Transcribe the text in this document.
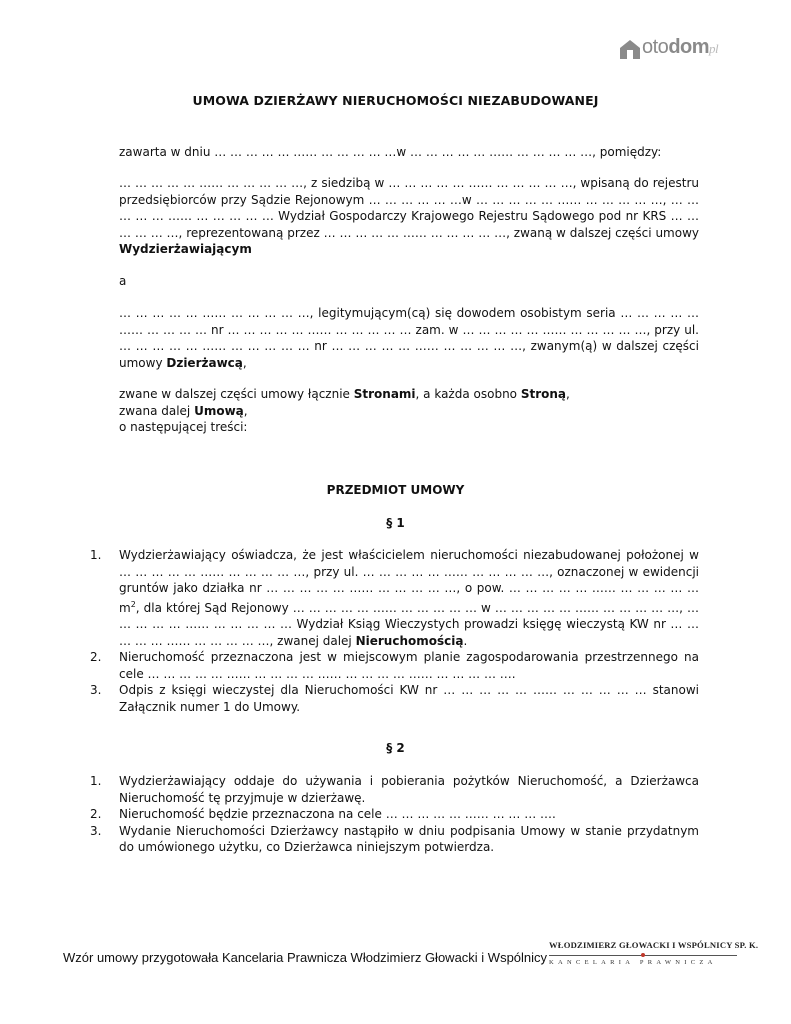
otodompl
UMOWA DZIERŻAWY NIERUCHOMOŚCI NIEZABUDOWANEJ
zawarta w dniu … … … … … …… … … … … …w … … … … … …… … … … … …, pomiędzy:
… … … … … …… … … … … …, z siedzibą w … … … … … …… … … … … …, wpisaną do rejestru przedsiębiorców przy Sądzie Rejonowym … … … … … …w … … … … … …… … … … … …, … … … … … …… … … … … … Wydział Gospodarczy Krajowego Rejestru Sądowego pod nr KRS … … … … … …, reprezentowaną przez … … … … … …… … … … … …, zwaną w dalszej części umowy Wydzierżawiającym
a
… … … … … …… … … … … …, legitymującym(cą) się dowodem osobistym seria … … … … … …… … … … … nr … … … … … …… … … … … … zam. w … … … … … …… … … … … …, przy ul. … … … … … …… … … … … … nr … … … … … …… … … … … …, zwanym(ą) w dalszej części umowy Dzierżawcą,
zwane w dalszej części umowy łącznie Stronami, a każda osobno Stroną,
zwana dalej Umową,
o następującej treści:
PRZEDMIOT UMOWY
§ 1
1. Wydzierżawiający oświadcza, że jest właścicielem nieruchomości niezabudowanej położonej w … … … … … …… … … … … …, przy ul. … … … … … …… … … … … …, oznaczonej w ewidencji gruntów jako działka nr … … … … … …… … … … … …, o pow. … … … … … …… … … … … … $m^2$, dla której Sąd Rejonowy … … … … … …… … … … … … w … … … … … …… … … … … …, … … … … … …… … … … … … Wydział Ksiąg Wieczystych prowadzi księgę wieczystą KW nr … … … … … …… … … … … …, zwanej dalej Nieruchomością.
2. Nieruchomość przeznaczona jest w miejscowym planie zagospodarowania przestrzennego na cele … … … … … …… … … … … …… … … … … …… … … … … ….
3. Odpis z księgi wieczystej dla Nieruchomości KW nr … … … … … …… … … … … … stanowi Załącznik numer 1 do Umowy.
§ 2
1. Wydzierżawiający oddaje do używania i pobierania pożytków Nieruchomość, a Dzierżawca Nieruchomość tę przyjmuje w dzierżawę.
2. Nieruchomość będzie przeznaczona na cele … … … … … …… … … … ….
3. Wydanie Nieruchomości Dzierżawcy nastąpiło w dniu podpisania Umowy w stanie przydatnym do umówionego użytku, co Dzierżawca niniejszym potwierdza.
Wzór umowy przygotowała Kancelaria Prawnicza Włodzimierz Głowacki i Wspólnicy
WŁODZIMIERZ GŁOWACKI I WSPÓLNICY SP. K.
KANCELARIA PRAWNICZA
